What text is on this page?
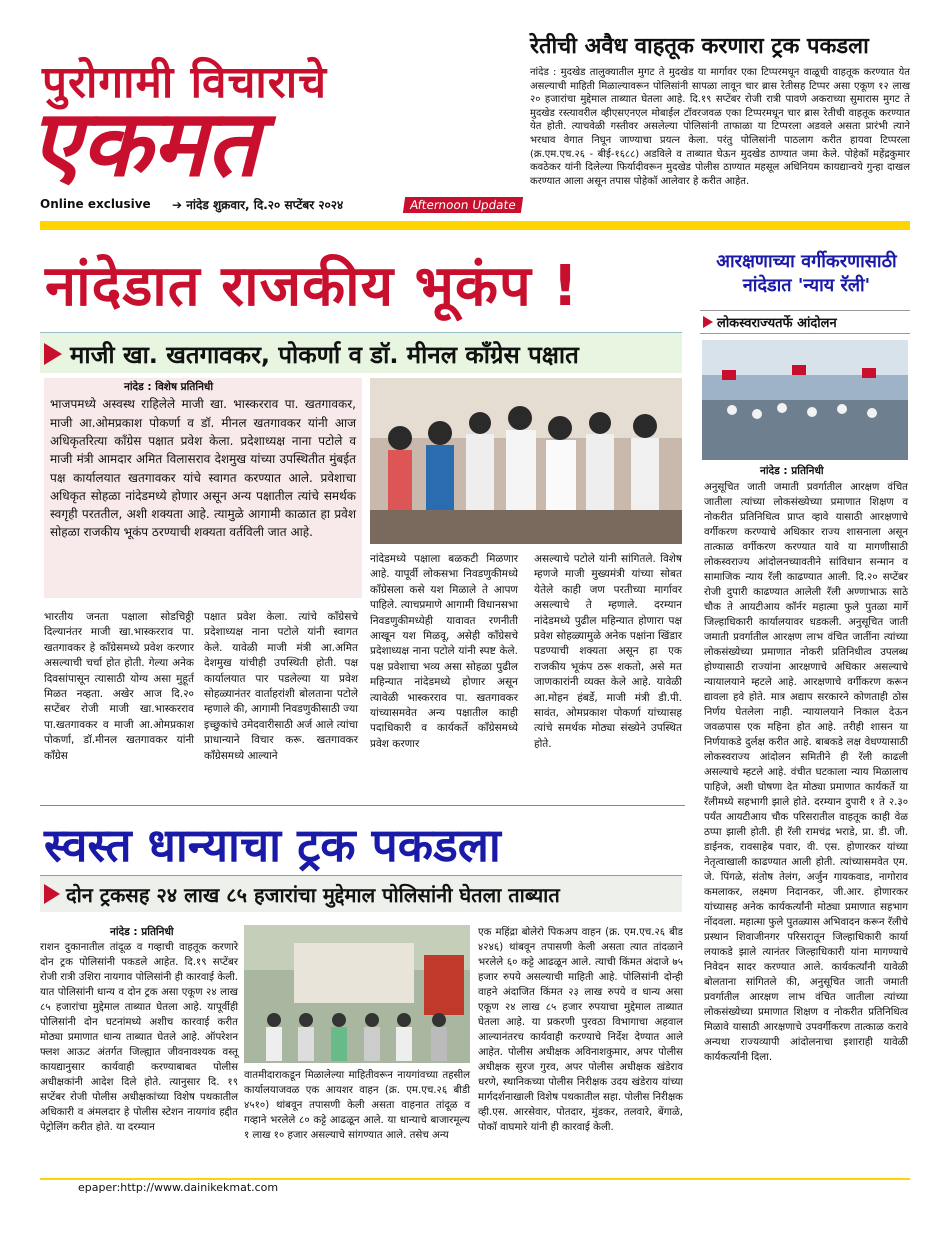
पुरोगामी विचाराचे
एकमत
Online exclusive ➔ नांदेड शुक्रवार, दि.२० सप्टेंबर २०२४	Afternoon Update
रेतीची अवैध वाहतूक करणारा ट्रक पकडला

नांदेड : मुदखेड तालुक्यातील मुगट ते मुदखेड या मार्गावर एका टिप्परमधून वाळूची वाहतूक करण्यात येत असल्याची माहिती मिळाल्यावरून पोलिसांनी सापळा लावून चार ब्रास रेतीसह टिप्पर असा एकूण १२ लाख २० हजारांचा मुद्देमाल ताब्यात घेतला आहे. दि.१९ सप्टेंबर रोजी रात्री पावणे अकराच्या सुमारास मुगट ते मुदखेड रस्त्यावरील व्हीएसएनएल मोबाईल टॉवरजवळ एका टिप्परमधून चार ब्रास रेतीची वाहतूक करण्यात येत होती. त्याचवेळी गस्तीवर असलेल्या पोलिसांनी ताफाळा या टिप्परला अडवले असता प्रारंभी त्याने भरधाव वेगात निघून जाण्याचा प्रयत्न केला. परंतु पोलिसांनी पाठलाग करीत हायवा टिप्परला (क्र.एम.एच.२६ - बीई-१६८८) अडविले व ताब्यात घेऊन मुदखेड ठाण्यात जमा केले. पोहेकॉ महेंद्रकुमार कवठेकर यांनी दिलेल्या फिर्यादीवरून मुदखेड पोलीस ठाण्यात महसूल अधिनियम कायद्यान्वये गुन्हा दाखल करण्यात आला असून तपास पोहेकॉ आलेवार हे करीत आहेत.

नांदेडात राजकीय भूकंप !
माजी खा. खतगावकर, पोकर्णा व डॉ. मीनल कॉंग्रेस पक्षात
नांदेड : विशेष प्रतिनिधी
भाजपमध्ये अस्वस्थ राहिलेले माजी खा. भास्करराव पा. खतगावकर, माजी आ.ओमप्रकाश पोकर्णा व डॉ. मीनल खतगावकर यांनी आज अधिकृतरित्या कॉंग्रेस पक्षात प्रवेश केला. प्रदेशाध्यक्ष नाना पटोले व माजी मंत्री आमदार अमित विलासराव देशमुख यांच्या उपस्थितीत मुंबईत पक्ष कार्यालयात खतगावकर यांचे स्वागत करण्यात आले. प्रवेशाचा अधिकृत सोहळा नांदेडमध्ये होणार असून अन्य पक्षातील त्यांचे समर्थक स्वगृही परततील, अशी शक्यता आहे. त्यामुळे आगामी काळात हा प्रवेश सोहळा राजकीय भूकंप ठरण्याची शक्यता वर्तविली जात आहे.
नांदेडमध्ये पक्षाला बळकटी मिळणार आहे. यापूर्वी लोकसभा निवडणुकीमध्ये कॉंग्रेसला कसे यश मिळाले ते आपण पाहिले. त्याचप्रमाणे आगामी विधानसभा निवडणुकीमध्येही यावावत रणनीती आखून यश मिळवू, असेही कॉंग्रेसचे प्रदेशाध्यक्ष नाना पटोले यांनी स्पष्ट केले. पक्ष प्रवेशाचा भव्य असा सोहळा पुढील महिन्यात नांदेडमध्ये होणार असून त्यावेळी भास्करराव पा. खतगावकर यांच्यासमवेत अन्य पक्षातील काही पदाधिकारी व कार्यकर्ते कॉंग्रेसमध्ये प्रवेश करणार
असल्याचे पटोले यांनी सांगितले. विशेष म्हणजे माजी मुख्यमंत्री यांच्या सोबत येतेले काही जण परतीच्या मार्गावर असल्याचे ते म्हणाले. दरम्यान नांदेडमध्ये पुढील महिन्यात होणारा पक्ष प्रवेश सोहळ्यामुळे अनेक पक्षांना खिंडार पडण्याची शक्यता असून हा एक राजकीय भूकंप ठरू शकतो, असे मत जाणकारांनी व्यक्त केले आहे. यावेळी आ.मोहन हंबर्डे, माजी मंत्री डी.पी. सावंत, ओमप्रकाश पोकर्णा यांच्यासह त्यांचे समर्थक मोठ्या संख्येने उपस्थित होते.
भारतीय जनता पक्षाला सोडचिठ्ठी दिल्यानंतर माजी खा.भास्करराव पा. खतगावकर हे कॉंग्रेसमध्ये प्रवेश करणार असल्याची चर्चा होत होती. गेल्या अनेक दिवसांपासून त्यासाठी योग्य असा मुहूर्त मिळत नव्हता. अखेर आज दि.२० सप्टेंबर रोजी माजी खा.भास्करराव पा.खतगावकर व माजी आ.ओमप्रकाश पोकर्णा, डॉ.मीनल खतगावकर यांनी कॉंग्रेस
पक्षात प्रवेश केला. त्यांचे कॉंग्रेसचे प्रदेशाध्यक्ष नाना पटोले यांनी स्वागत केले. यावेळी माजी मंत्री आ.अमित देशमुख यांचीही उपस्थिती होती. पक्ष कार्यालयात पार पडलेल्या या प्रवेश सोहळ्यानंतर वार्ताहरांशी बोलताना पटोले म्हणाले की, आगामी निवडणुकीसाठी ज्या इच्छुकांचे उमेदवारीसाठी अर्ज आले त्यांचा प्राधान्याने विचार करू. खतगावकर कॉंग्रेसमध्ये आल्याने
स्वस्त धान्याचा ट्रक पकडला
दोन ट्रकसह २४ लाख ८५ हजारांचा मुद्देमाल पोलिसांनी घेतला ताब्यात
नांदेड : प्रतिनिधी
राशन दुकानातील तांदूळ व गव्हाची वाहतूक करणारे दोन ट्रक पोलिसांनी पकडले आहेत. दि.१९ सप्टेंबर रोजी रात्री उशिरा नायगाव पोलिसांनी ही कारवाई केली. यात पोलिसांनी धान्य व दोन ट्रक असा एकूण २४ लाख ८५ हजारांचा मुद्देमाल ताब्यात घेतला आहे. यापूर्वीही पोलिसांनी दोन घटनांमध्ये अशीच कारवाई करीत मोठ्या प्रमाणात धान्य ताब्यात घेतले आहे. ऑपरेशन फ्लश आऊट अंतर्गत जिल्ह्यात जीवनावश्यक वस्तू कायद्यानुसार कार्यवाही करण्याबाबत पोलीस अधीक्षकांनी आदेश दिले होते. त्यानुसार दि. १९ सप्टेंबर रोजी पोलीस अधीक्षकांच्या विशेष पथकातील अधिकारी व अंमलदार हे पोलीस स्टेशन नायगांव हद्दीत पेट्रोलिंग करीत होते. या दरम्यान
वातमीदाराकडून मिळालेल्या माहितीवरून नायगांवच्या तहसील कार्यालयाजवळ एक आयशर वाहन (क्र. एम.एच.२६ बीडी ४५१०) थांबवून तपासणी केली असता वाहनात तांदूळ व गव्हाने भरलेले ८० कट्टे आढळून आले. या धान्याचे बाजारमूल्य १ लाख १० हजार असल्याचे सांगण्यात आले. तसेच अन्य
एक महिंद्रा बोलेरो पिकअप वाहन (क्र. एम.एच.२६ बीड ४२४६) थांबवून तपासणी केली असता त्यात तांदळाने भरलेले ६० कट्टे आढळून आले. त्याची किंमत अंदाजे ७५ हजार रुपये असल्याची माहिती आहे. पोलिसांनी दोन्ही वाहने अंदाजित किंमत २३ लाख रुपये व धान्य असा एकूण २४ लाख ८५ हजार रुपयाचा मुद्देमाल ताब्यात घेतला आहे. या प्रकरणी पुरवठा विभागाचा अहवाल आल्यानंतरच कार्यवाही करण्याचे निर्देश देण्यात आले आहेत. पोलीस अधीक्षक अविनाशकुमार, अपर पोलीस अधीक्षक सुरज गुरव, अपर पोलीस अधीक्षक खंडेराव धरणे, स्थानिकच्या पोलीस निरीक्षक उदय खंडेराय यांच्या मार्गदर्शनाखाली विशेष पथकातील सहा. पोलीस निरीक्षक व्ही.एस. आरसेवार, पोतदार, मुंडकर, तलवारे, बेंगाळे, पोकॉ वाघमारे यांनी ही कारवाई केली.
आरक्षणाच्या वर्गीकरणासाठी नांदेडात 'न्याय रॅली'
लोकस्वराज्यतर्फे आंदोलन
नांदेड : प्रतिनिधी
अनुसूचित जाती जमाती प्रवर्गातील आरक्षण वंचित जातीला त्यांच्या लोकसंख्येच्या प्रमाणात शिक्षण व नोकरीत प्रतिनिधित्व प्राप्त व्हावे यासाठी आरक्षणाचे वर्गीकरण करण्याचे अधिकार राज्य शासनाला असून तात्काळ वर्गीकरण करण्यात यावे या मागणीसाठी लोकस्वराज्य आंदोलनच्यावतीने सांविधान सन्मान व सामाजिक न्याय रॅली काढण्यात आली. दि.२० सप्टेंबर रोजी दुपारी काढण्यात आलेली रॅली अण्णाभाऊ साठे चौक ते आयटीआय कॉर्नर महात्मा फुले पुतळा मार्गे जिल्हाधिकारी कार्यालयावर धडकली. अनुसूचित जाती जमाती प्रवर्गातील आरक्षण लाभ वंचित जातींना त्यांच्या लोकसंख्येच्या प्रमाणात नोकरी प्रतिनिधीत्व उपलब्ध होण्यासाठी राज्यांना आरक्षणाचे अधिकार असल्याचे न्यायालयाने म्हटले आहे. आरक्षणाचे वर्गीकरण करून द्यावला हवे होते. मात्र अद्याप सरकारने कोणताही ठोस निर्णय घेतलेला नाही. न्यायालयाने निकाल देऊन जवळपास एक महिना होत आहे. तरीही शासन या निर्णयाकडे दुर्लक्ष करीत आहे. बाबकडे लक्ष वेधण्यासाठी लोकस्वराज्य आंदोलन समितीने ही रॅली काढली असल्याचे म्हटले आहे. वंचीत घटकाला न्याय मिळालाच पाहिजे, अशी घोषणा देत मोठ्या प्रमाणात कार्यकर्ते या रॅलीमध्ये सहभागी झाले होते. दरम्यान दुपारी १ ते २.३० पर्यंत आयटीआय चौक परिसरातील वाहतूक काही वेळ ठप्पा झाली होती. ही रॅली रामचंद्र भराडे, प्रा. डी. जी. डाईनक, रावसाहेब पवार, वी. एस. होणारकर यांच्या नेतृत्वाखाली काढण्यात आली होती. त्यांच्यासमवेत एम. जे. पिंगळे, संतोष तेलंग, अर्जुन गायकवाड, नागोराव कमलाकर, लक्ष्मण निदानकर, जी.आर. होणारकर यांच्यासह अनेक कार्यकर्त्यांनी मोठ्या प्रमाणात सहभाग नोंदवला. महात्मा फुले पुतळ्यास अभिवादन करून रॅलीचे प्रस्थान शिवाजीनगर परिसरातून जिल्हाधिकारी कार्या लयाकडे झाले त्यानंतर जिल्हाधिकारी यांना मागण्याचे निवेदन सादर करण्यात आले. कार्यकर्त्यांनी यावेळी बोलताना सांगितले की, अनुसूचित जाती जमाती प्रवर्गातील आरक्षण लाभ वंचित जातीला त्यांच्या लोकसंख्येच्या प्रमाणात शिक्षण व नोकरीत प्रतिनिधित्व मिळावे यासाठी आरक्षणाचे उपवर्गीकरण तात्काळ करावे अन्यथा राज्यव्यापी आंदोलनाचा इशाराही यावेळी कार्यकर्त्यांनी दिला.
epaper:http://www.dainikekmat.com
